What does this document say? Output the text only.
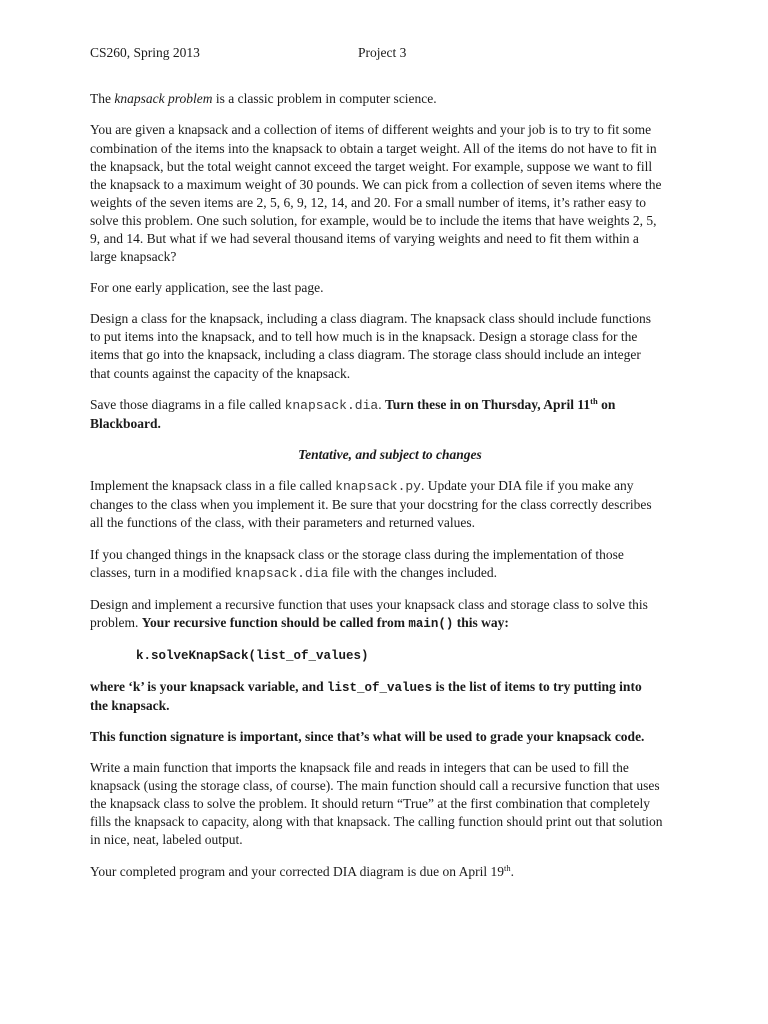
CS260, Spring 2013	Project 3

The knapsack problem is a classic problem in computer science.

You are given a knapsack and a collection of items of different weights and your job is to try to fit some

combination of the items into the knapsack to obtain a target weight. All of the items do not have to fit in

the knapsack, but the total weight cannot exceed the target weight. For example, suppose we want to fill

the knapsack to a maximum weight of 30 pounds. We can pick from a collection of seven items where the

weights of the seven items are 2, 5, 6, 9, 12, 14, and 20. For a small number of items, it’s rather easy to

solve this problem. One such solution, for example, would be to include the items that have weights 2, 5,

9, and 14. But what if we had several thousand items of varying weights and need to fit them within a

large knapsack?

For one early application, see the last page.

Design a class for the knapsack, including a class diagram. The knapsack class should include functions

to put items into the knapsack, and to tell how much is in the knapsack. Design a storage class for the

items that go into the knapsack, including a class diagram. The storage class should include an integer

that counts against the capacity of the knapsack.

Save those diagrams in a file called knapsack.dia. Turn these in on Thursday, April 11th on

Blackboard.

Tentative, and subject to changes

Implement the knapsack class in a file called knapsack.py. Update your DIA file if you make any

changes to the class when you implement it. Be sure that your docstring for the class correctly describes

all the functions of the class, with their parameters and returned values.

If you changed things in the knapsack class or the storage class during the implementation of those

classes, turn in a modified knapsack.dia file with the changes included.

Design and implement a recursive function that uses your knapsack class and storage class to solve this

problem. Your recursive function should be called from main() this way:

k.solveKnapSack(list_of_values)

where ‘k’ is your knapsack variable, and list_of_values is the list of items to try putting into

the knapsack.

This function signature is important, since that’s what will be used to grade your knapsack code.

Write a main function that imports the knapsack file and reads in integers that can be used to fill the

knapsack (using the storage class, of course). The main function should call a recursive function that uses

the knapsack class to solve the problem. It should return “True” at the first combination that completely

fills the knapsack to capacity, along with that knapsack. The calling function should print out that solution

in nice, neat, labeled output.

Your completed program and your corrected DIA diagram is due on April 19th.
